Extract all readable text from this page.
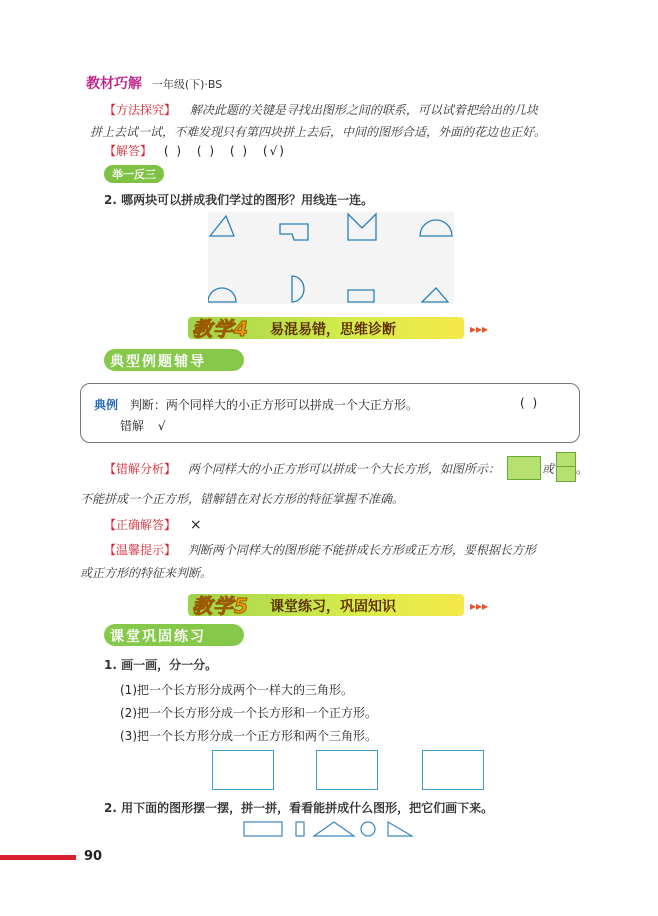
教材巧解 一年级(下)·BS
【方法探究】 解决此题的关键是寻找出图形之间的联系，可以试着把给出的几块
拼上去试一试，不难发现只有第四块拼上去后，中间的图形合适，外面的花边也正好。
【解答】 ( ) ( ) ( ) (√)
举一反三
2. 哪两块可以拼成我们学过的图形？用线连一连。
教学4 易混易错，思维诊断	▸▸▸
典型例题辅导
典例 判断：两个同样大的小正方形可以拼成一个大正方形。	( )
错解 √
【错解分析】 两个同样大的小正方形可以拼成一个大长方形，如图所示：	或 。
不能拼成一个正方形，错解错在对长方形的特征掌握不准确。
【正确解答】 ×
【温馨提示】 判断两个同样大的图形能不能拼成长方形或正方形，要根据长方形
或正方形的特征来判断。
教学5 课堂练习，巩固知识	▸▸▸
课堂巩固练习
1. 画一画，分一分。
(1)把一个长方形分成两个一样大的三角形。
(2)把一个长方形分成一个长方形和一个正方形。
(3)把一个长方形分成一个正方形和两个三角形。
2. 用下面的图形摆一摆，拼一拼，看看能拼成什么图形，把它们画下来。
90
